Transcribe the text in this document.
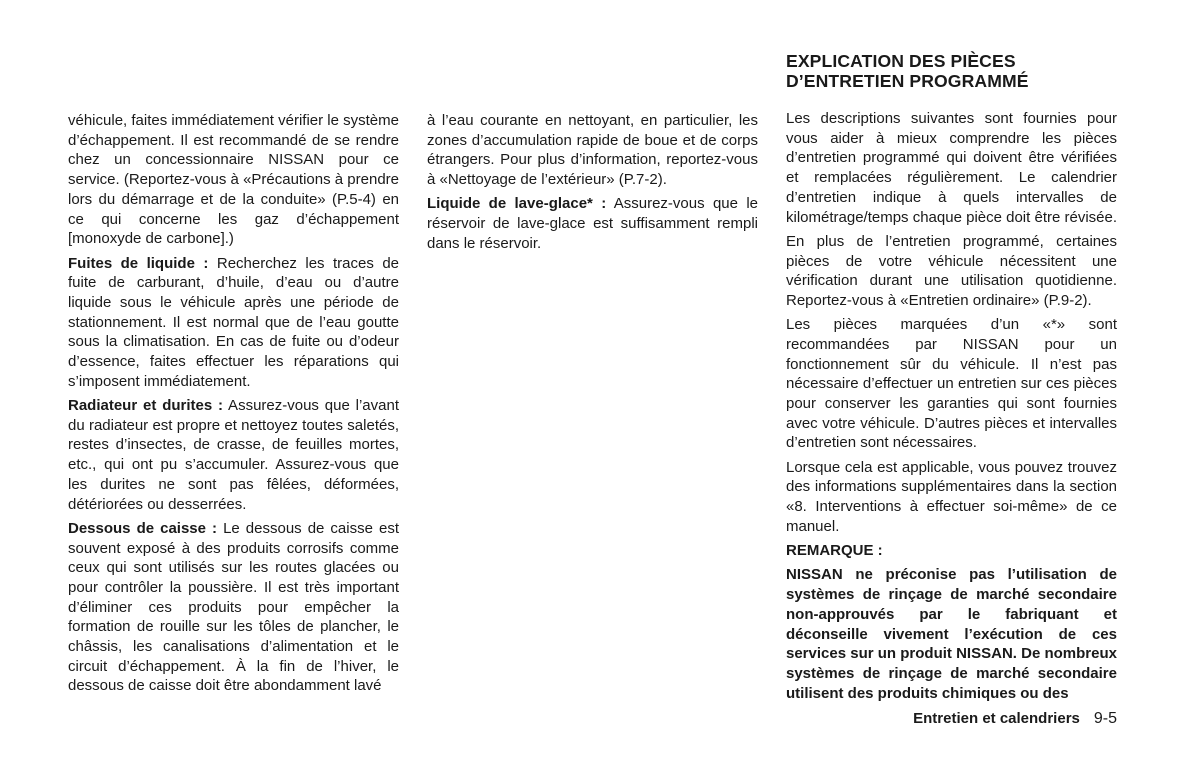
véhicule, faites immédiatement vérifier le système d’échappement. Il est recommandé de se rendre chez un concessionnaire NISSAN pour ce service. (Reportez-vous à «Précautions à prendre lors du démarrage et de la conduite» (P.5-4) en ce qui concerne les gaz d’échappement [monoxyde de carbone].)

Fuites de liquide : Recherchez les traces de fuite de carburant, d’huile, d’eau ou d’autre liquide sous le véhicule après une période de stationnement. Il est normal que de l’eau goutte sous la climatisation. En cas de fuite ou d’odeur d’essence, faites effectuer les réparations qui s’imposent immédiatement.

Radiateur et durites : Assurez-vous que l’avant du radiateur est propre et nettoyez toutes saletés, restes d’insectes, de crasse, de feuilles mortes, etc., qui ont pu s’accumuler. Assurez-vous que les durites ne sont pas fêlées, déformées, détériorées ou desserrées.

Dessous de caisse : Le dessous de caisse est souvent exposé à des produits corrosifs comme ceux qui sont utilisés sur les routes glacées ou pour contrôler la poussière. Il est très important d’éliminer ces produits pour empêcher la formation de rouille sur les tôles de plancher, le châssis, les canalisations d’alimentation et le circuit d’échappement. À la fin de l’hiver, le dessous de caisse doit être abondamment lavé

à l’eau courante en nettoyant, en particulier, les zones d’accumulation rapide de boue et de corps étrangers. Pour plus d’information, reportez-vous à «Nettoyage de l’extérieur» (P.7-2).

Liquide de lave-glace* : Assurez-vous que le réservoir de lave-glace est suffisamment rempli dans le réservoir.

EXPLICATION DES PIÈCES
D’ENTRETIEN PROGRAMMÉ

Les descriptions suivantes sont fournies pour vous aider à mieux comprendre les pièces d’entretien programmé qui doivent être vérifiées et remplacées régulièrement. Le calendrier d’entretien indique à quels intervalles de kilométrage/temps chaque pièce doit être révisée.

En plus de l’entretien programmé, certaines pièces de votre véhicule nécessitent une vérification durant une utilisation quotidienne. Reportez-vous à «Entretien ordinaire» (P.9-2).

Les pièces marquées d’un «*» sont recommandées par NISSAN pour un fonctionnement sûr du véhicule. Il n’est pas nécessaire d’effectuer un entretien sur ces pièces pour conserver les garanties qui sont fournies avec votre véhicule. D’autres pièces et intervalles d’entretien sont nécessaires.

Lorsque cela est applicable, vous pouvez trouvez des informations supplémentaires dans la section «8. Interventions à effectuer soi-même» de ce manuel.

REMARQUE :

NISSAN ne préconise pas l’utilisation de systèmes de rinçage de marché secondaire non-approuvés par le fabriquant et déconseille vivement l’exécution de ces services sur un produit NISSAN. De nombreux systèmes de rinçage de marché secondaire utilisent des produits chimiques ou des

Entretien et calendriers 9-5
